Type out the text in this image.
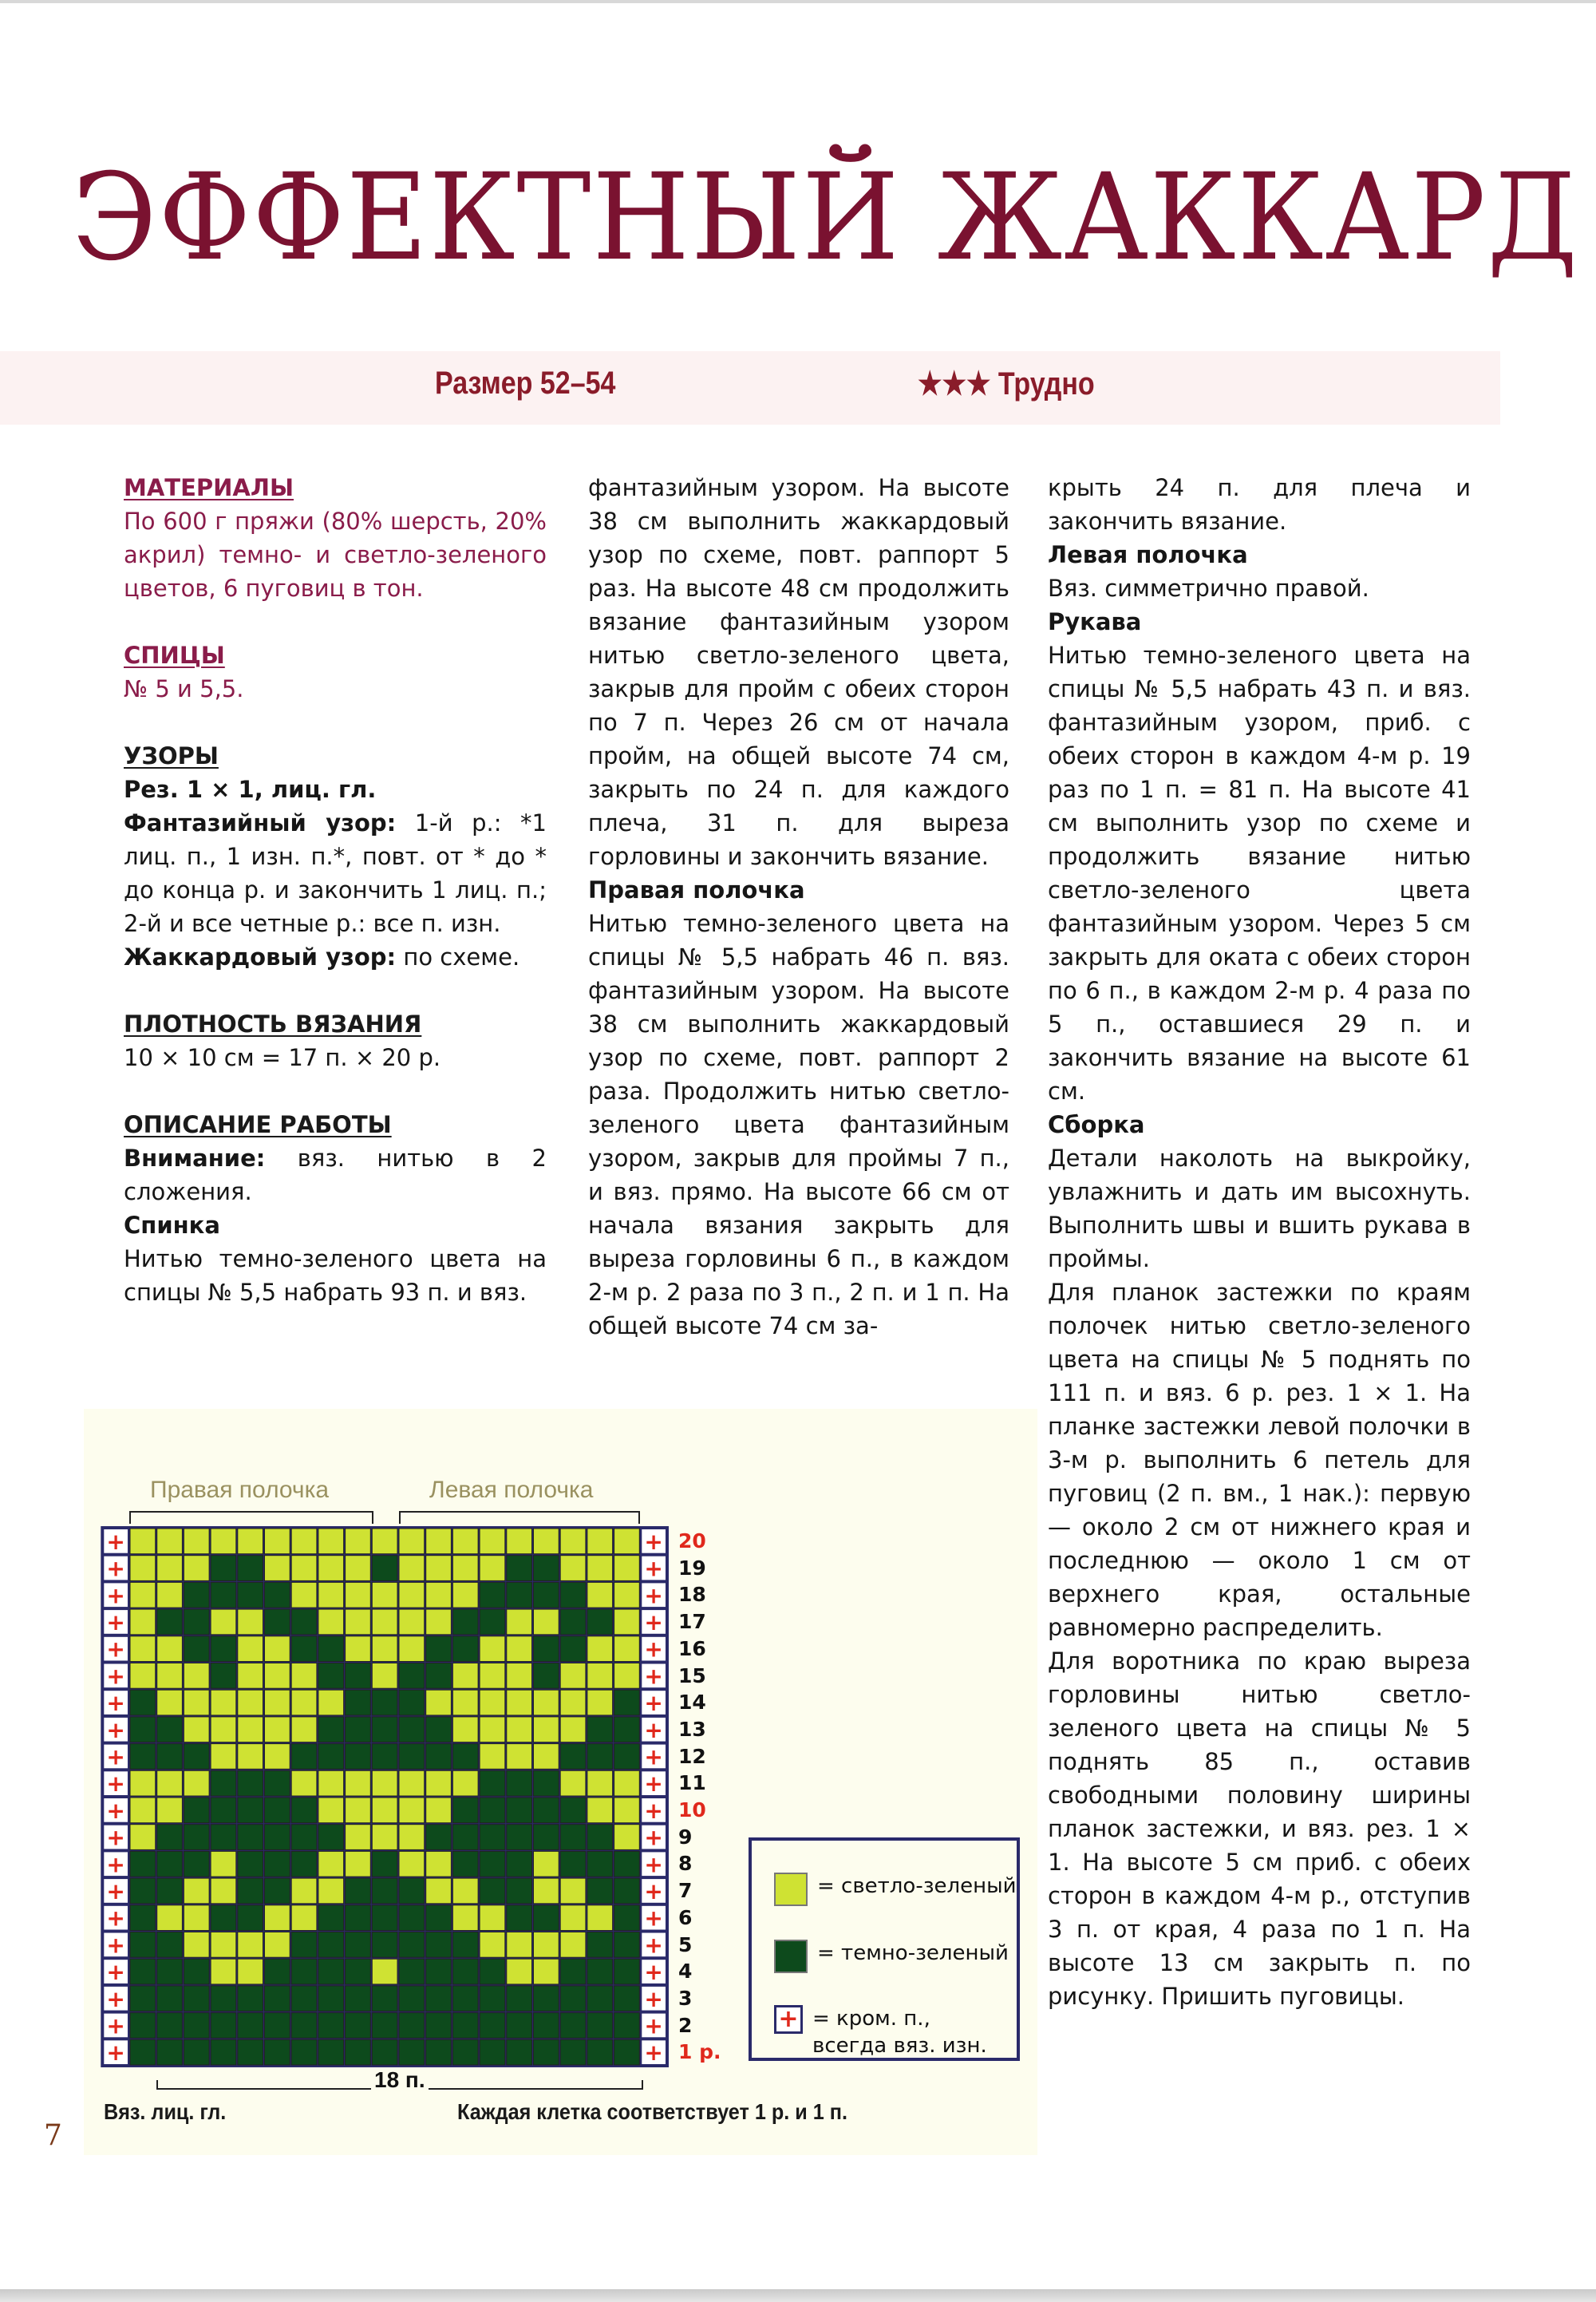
ЭФФЕКТНЫЙ ЖАККАРД
Размер 52–54	★★★ Трудно

МАТЕРИАЛЫ

По 600 г пряжи (80% шерсть, 20% акрил) темно- и светло-зеленого цветов, 6 пуговиц в тон.

СПИЦЫ

№ 5 и 5,5.

УЗОРЫ

Рез. 1 × 1, лиц. гл.

Фантазийный узор: 1-й р.: *1 лиц. п., 1 изн. п.*, повт. от * до * до конца р. и закончить 1 лиц. п.; 2-й и все четные р.: все п. изн.

Жаккардовый узор: по схеме.

ПЛОТНОСТЬ ВЯЗАНИЯ

10 × 10 см = 17 п. × 20 р.

ОПИСАНИЕ РАБОТЫ

Внимание: вяз. нитью в 2 сложения.

Спинка

Нитью темно-зеленого цвета на спицы № 5,5 набрать 93 п. и вяз.

фантазийным узором. На высоте 38 см выполнить жаккардовый узор по схеме, повт. раппорт 5 раз. На высоте 48 см продолжить вязание фантазийным узором нитью светло-зеленого цвета, закрыв для пройм с обеих сторон по 7 п. Через 26 см от начала пройм, на общей высоте 74 см, закрыть по 24 п. для каждого плеча, 31 п. для выреза горловины и закончить вязание.

Правая полочка

Нитью темно-зеленого цвета на спицы № 5,5 набрать 46 п. вяз. фантазийным узором. На высоте 38 см выполнить жаккардовый узор по схеме, повт. раппорт 2 раза. Продолжить нитью светло-зеленого цвета фантазийным узором, закрыв для проймы 7 п., и вяз. прямо. На высоте 66 см от начала вязания закрыть для выреза горловины 6 п., в каждом 2-м р. 2 раза по 3 п., 2 п. и 1 п. На общей высоте 74 см за-

крыть 24 п. для плеча и закончить вязание.

Левая полочка

Вяз. симметрично правой.

Рукава

Нитью темно-зеленого цвета на спицы № 5,5 набрать 43 п. и вяз. фантазийным узором, приб. с обеих сторон в каждом 4-м р. 19 раз по 1 п. = 81 п. На высоте 41 см выполнить узор по схеме и продолжить вязание нитью светло-зеленого цвета фантазийным узором. Через 5 см закрыть для оката с обеих сторон по 6 п., в каждом 2-м р. 4 раза по 5 п., оставшиеся 29 п. и закончить вязание на высоте 61 см.

Сборка

Детали наколоть на выкройку, увлажнить и дать им высохнуть. Выполнить швы и вшить рукава в проймы.

Для планок застежки по краям полочек нитью светло-зеленого цвета на спицы № 5 поднять по 111 п. и вяз. 6 р. рез. 1 × 1. На планке застежки левой полочки в 3-м р. выполнить 6 петель для пуговиц (2 п. вм., 1 нак.): первую — около 2 см от нижнего края и последнюю — около 1 см от верхнего края, остальные равномерно распределить.

Для воротника по краю выреза горловины нитью светло-зеленого цвета на спицы № 5 поднять 85 п., оставив свободными половину ширины планок застежки, и вяз. рез. 1 × 1. На высоте 5 см приб. с обеих сторон в каждом 4-м р., отступив 3 п. от края, 4 раза по 1 п. На высоте 13 см закрыть п. по рисунку. Пришить пуговицы.

Правая полочка	Левая полочка
+	+
+	+
+	+
+	+
+	+
+	+
+	+
+	+
+	+
+	+
+	+
+	+
+	+
+	+
+	+
+	+
+	+
+	+
+	+
+	+ 1 р.
2
3
4
5
6
7
8
9
10
11
12
13
14
15
16
17
18
19
20
18 п.
Вяз. лиц. гл.	Каждая клетка соответствует 1 р. и 1 п.
= светло-зеленый
= темно-зеленый
+ = кром. п., всегда вяз. изн.
7
